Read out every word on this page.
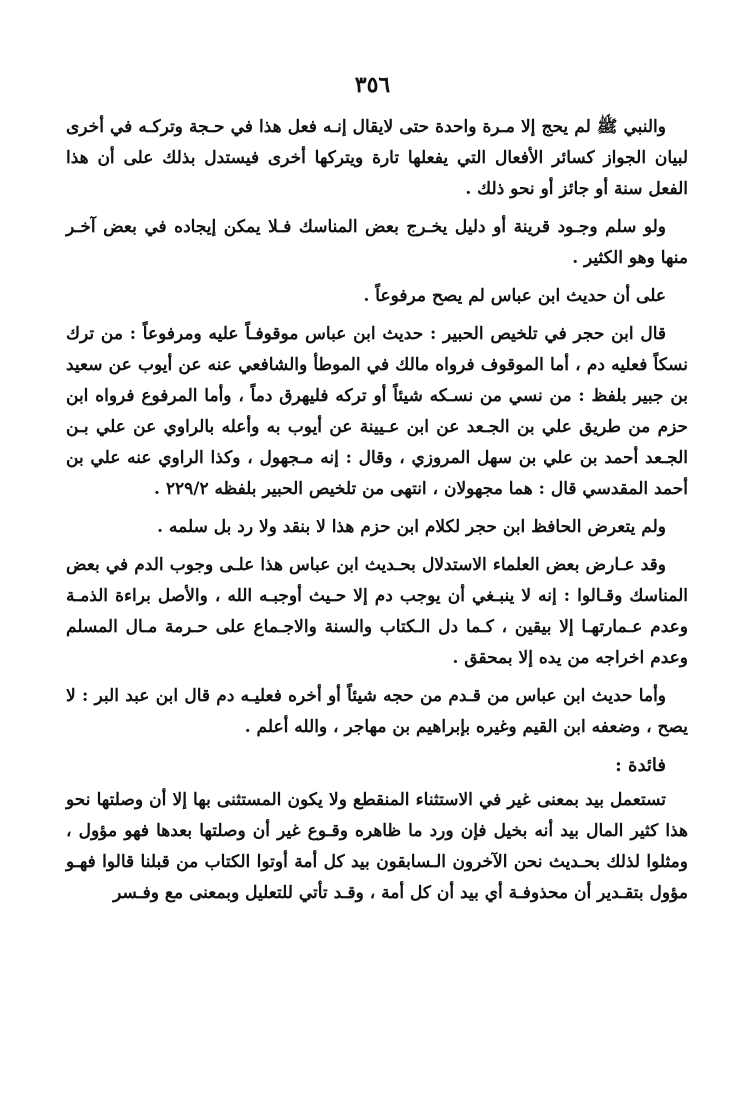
٣٥٦

والنبي ﷺ لم يحج إلا مـرة واحدة حتى لايقال إنـه فعل هذا في حـجة وتركـه في أخرى لبيان الجواز كسائر الأفعال التي يفعلها تارة ويتركها أخرى فيستدل بذلك على أن هذا الفعل سنة أو جائز أو نحو ذلك .

ولو سلم وجـود قرينة أو دليل يخـرج بعض المناسك فـلا يمكن إيجاده في بعض آخـر منها وهو الكثير .

على أن حديث ابن عباس لم يصح مرفوعاً .

قال ابن حجر في تلخيص الحبير : حديث ابن عباس موقوفـاً عليه ومرفوعاً : من ترك نسكاً فعليه دم ، أما الموقوف فرواه مالك في الموطأ والشافعي عنه عن أيوب عن سعيد بن جبير بلفظ : من نسي من نسـكه شيئاً أو تركه فليهرق دماً ، وأما المرفوع فرواه ابن حزم من طريق علي بن الجـعد عن ابن عـيينة عن أيوب به وأعله بالراوي عن علي بـن الجـعد أحمد بن علي بن سهل المروزي ، وقال : إنه مـجهول ، وكذا الراوي عنه علي بن أحمد المقدسي قال : هما مجهولان ، انتهى من تلخيص الحبير بلفظه ٢٢٩/٢ .

ولم يتعرض الحافظ ابن حجر لكلام ابن حزم هذا لا بنقد ولا رد بل سلمه .

وقد عـارض بعض العلماء الاستدلال بحـديث ابن عباس هذا علـى وجوب الدم في بعض المناسك وقـالوا : إنه لا ينبـغي أن يوجب دم إلا حـيث أوجبـه الله ، والأصل براءة الذمـة وعدم عـمارتهـا إلا بيقين ، كـما دل الـكتاب والسنة والاجـماع على حـرمة مـال المسلم وعدم اخراجه من يده إلا بمحقق .

وأما حديث ابن عباس من قـدم من حجه شيئاً أو أخره فعليـه دم قال ابن عبد البر : لا يصح ، وضعفه ابن القيم وغيره بإبراهيم بن مهاجر ، والله أعلم .

فائدة :

تستعمل بيد بمعنى غير في الاستثناء المنقطع ولا يكون المستثنى بها إلا أن وصلتها نحو هذا كثير المال بيد أنه بخيل فإن ورد ما ظاهره وقـوع غير أن وصلتها بعدها فهو مؤول ، ومثلوا لذلك بحـديث نحن الآخرون الـسابقون بيد كل أمة أوتوا الكتاب من قبلنا قالوا فهـو مؤول بتقـدير أن محذوفـة أي بيد أن كل أمة ، وقـد تأتي للتعليل وبمعنى مع وفـسر
